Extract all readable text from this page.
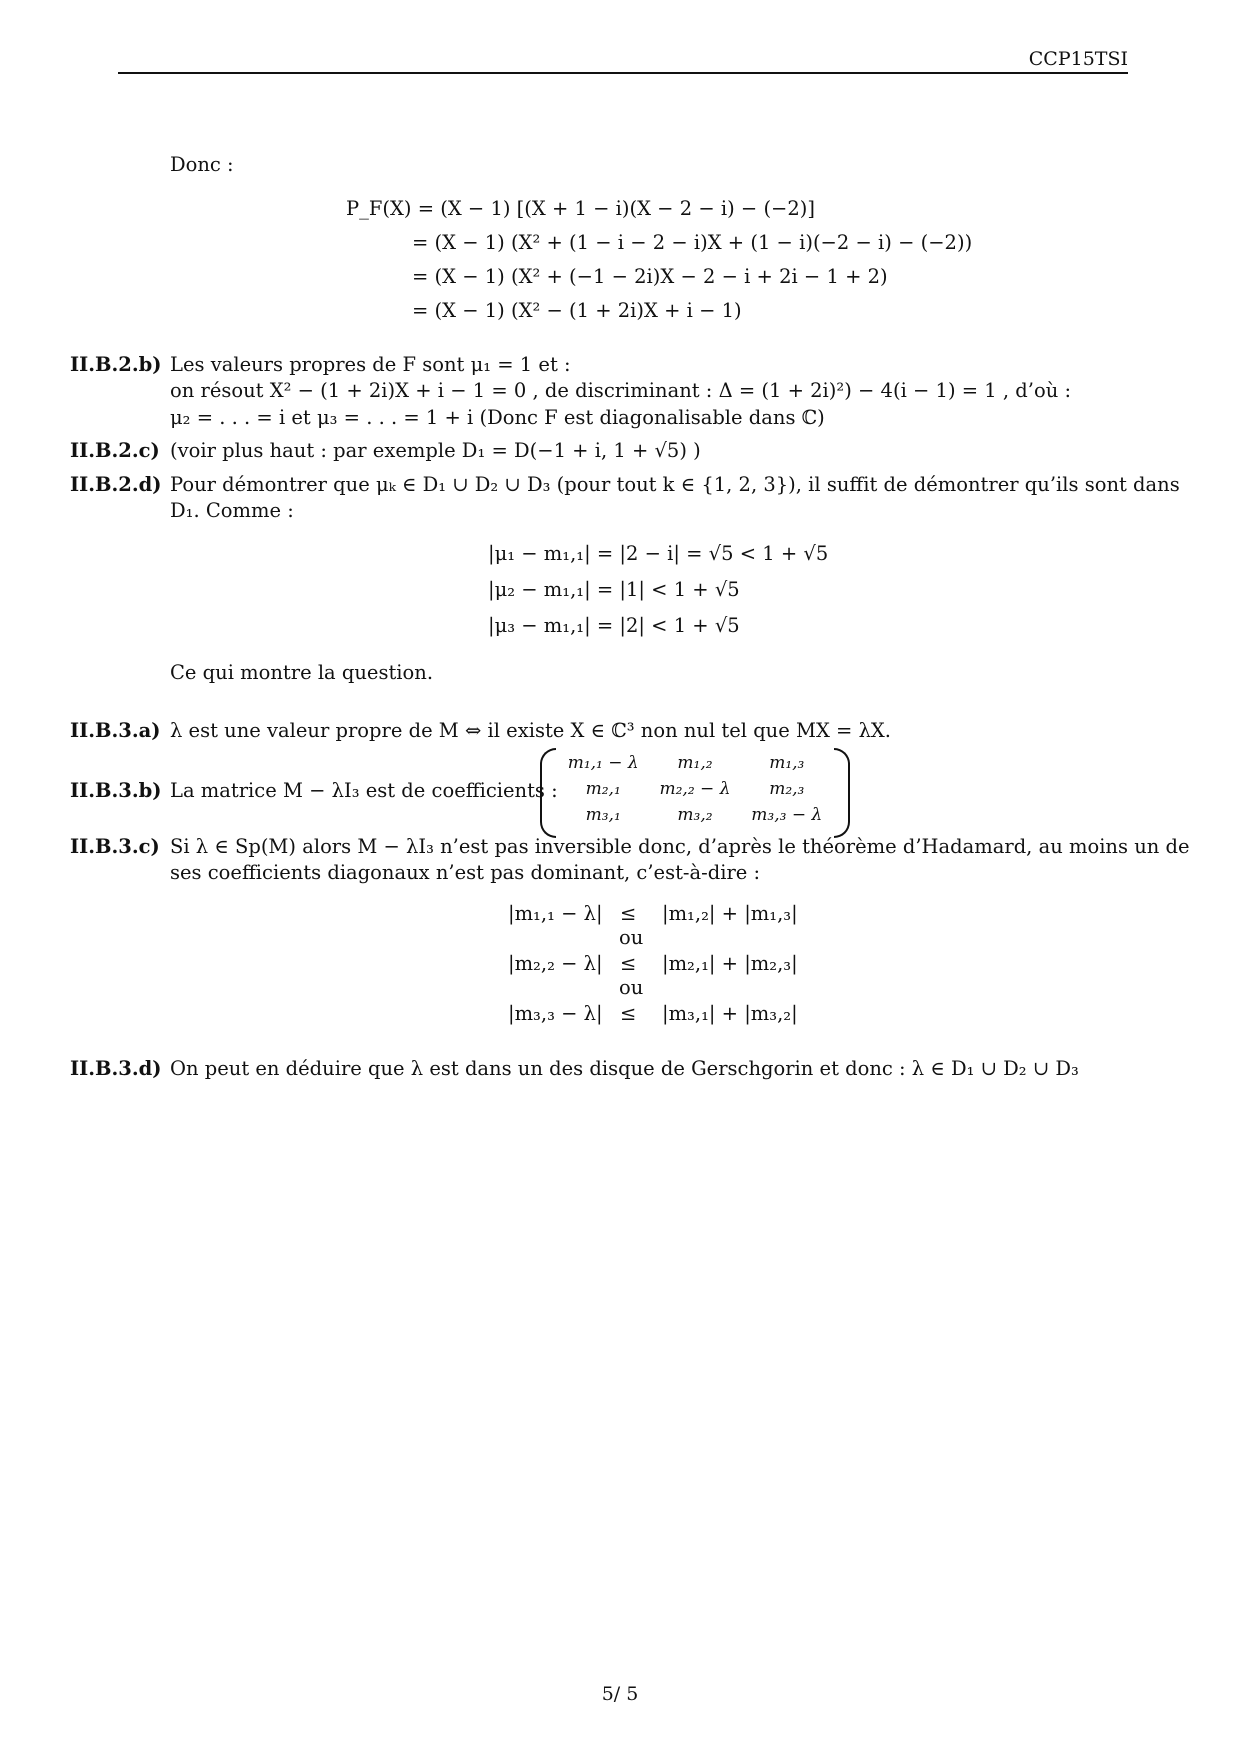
CCP15TSI
Donc :
P_F(X) = (X − 1) [(X + 1 − i)(X − 2 − i) − (−2)]
= (X − 1) (X² + (1 − i − 2 − i)X + (1 − i)(−2 − i) − (−2))
= (X − 1) (X² + (−1 − 2i)X − 2 − i + 2i − 1 + 2)
= (X − 1) (X² − (1 + 2i)X + i − 1)
II.B.2.b) Les valeurs propres de F sont μ₁ = 1 et :
on résout X² − (1 + 2i)X + i − 1 = 0 , de discriminant : Δ = (1 + 2i)²) − 4(i − 1) = 1 , d’où :
μ₂ = . . . = i et μ₃ = . . . = 1 + i (Donc F est diagonalisable dans ℂ)
II.B.2.c) (voir plus haut : par exemple D₁ = D(−1 + i, 1 + √5) )
II.B.2.d) Pour démontrer que μₖ ∈ D₁ ∪ D₂ ∪ D₃ (pour tout k ∈ {1, 2, 3}), il suffit de démontrer qu’ils sont dans
D₁. Comme :
|μ₁ − m₁,₁| = |2 − i| = √5 < 1 + √5
|μ₂ − m₁,₁| = |1| < 1 + √5
|μ₃ − m₁,₁| = |2| < 1 + √5
Ce qui montre la question.
II.B.3.a) λ est une valeur propre de M ⇔ il existe X ∈ ℂ³ non nul tel que MX = λX.
II.B.3.b) La matrice M − λI₃ est de coefficients :
m₁,₁ − λ	m₁,₂	m₁,₃
m₂,₁	m₂,₂ − λ	m₂,₃
m₃,₁	m₃,₂	m₃,₃ − λ
II.B.3.c) Si λ ∈ Sp(M) alors M − λI₃ n’est pas inversible donc, d’après le théorème d’Hadamard, au moins un de
ses coefficients diagonaux n’est pas dominant, c’est-à-dire :
|m₁,₁ − λ| ≤ |m₁,₂| + |m₁,₃|
ou
|m₂,₂ − λ| ≤ |m₂,₁| + |m₂,₃|
ou
|m₃,₃ − λ| ≤ |m₃,₁| + |m₃,₂|
II.B.3.d) On peut en déduire que λ est dans un des disque de Gerschgorin et donc : λ ∈ D₁ ∪ D₂ ∪ D₃
5/ 5
